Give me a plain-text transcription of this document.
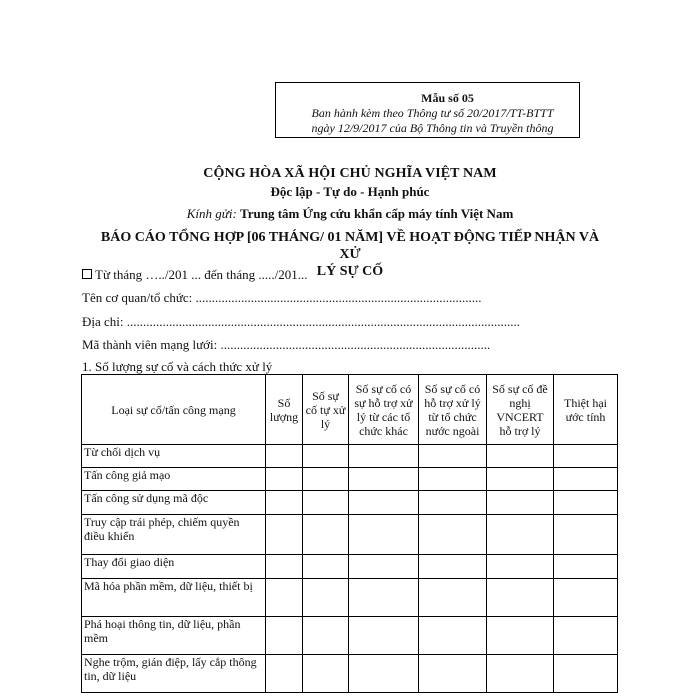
Mẫu số 05
Ban hành kèm theo Thông tư số 20/2017/TT-BTTT
ngày 12/9/2017 của Bộ Thông tin và Truyền thông
CỘNG HÒA XÃ HỘI CHỦ NGHĨA VIỆT NAM
Độc lập - Tự do - Hạnh phúc
Kính gửi: Trung tâm Ứng cứu khẩn cấp máy tính Việt Nam
BÁO CÁO TỔNG HỢP [06 THÁNG/ 01 NĂM] VỀ HOẠT ĐỘNG TIẾP NHẬN VÀ XỬ
LÝ SỰ CỐ
Từ tháng …../201 ... đến tháng ...../201...
Tên cơ quan/tổ chức: ........................................................................................
Địa chỉ: .........................................................................................................................
Mã thành viên mạng lưới: ...................................................................................
1. Số lượng sự cố và cách thức xử lý
Loại sự cố/tấn công mạng	Số lượng	Số sự cố tự xử lý	Số sự cố có sự hỗ trợ xử lý từ các tổ chức khác	Số sự cố có hỗ trợ xử lý từ tổ chức nước ngoài	Số sự cố đề nghị VNCERT hỗ trợ lý	Thiệt hại ước tính
Từ chối dịch vụ						
Tấn công giả mạo						
Tấn công sử dụng mã độc						
Truy cập trái phép, chiếm quyền điều khiển						
Thay đổi giao diện						
Mã hóa phần mềm, dữ liệu, thiết bị						
Phá hoại thông tin, dữ liệu, phần mềm						
Nghe trộm, gián điệp, lấy cắp thông tin, dữ liệu						
